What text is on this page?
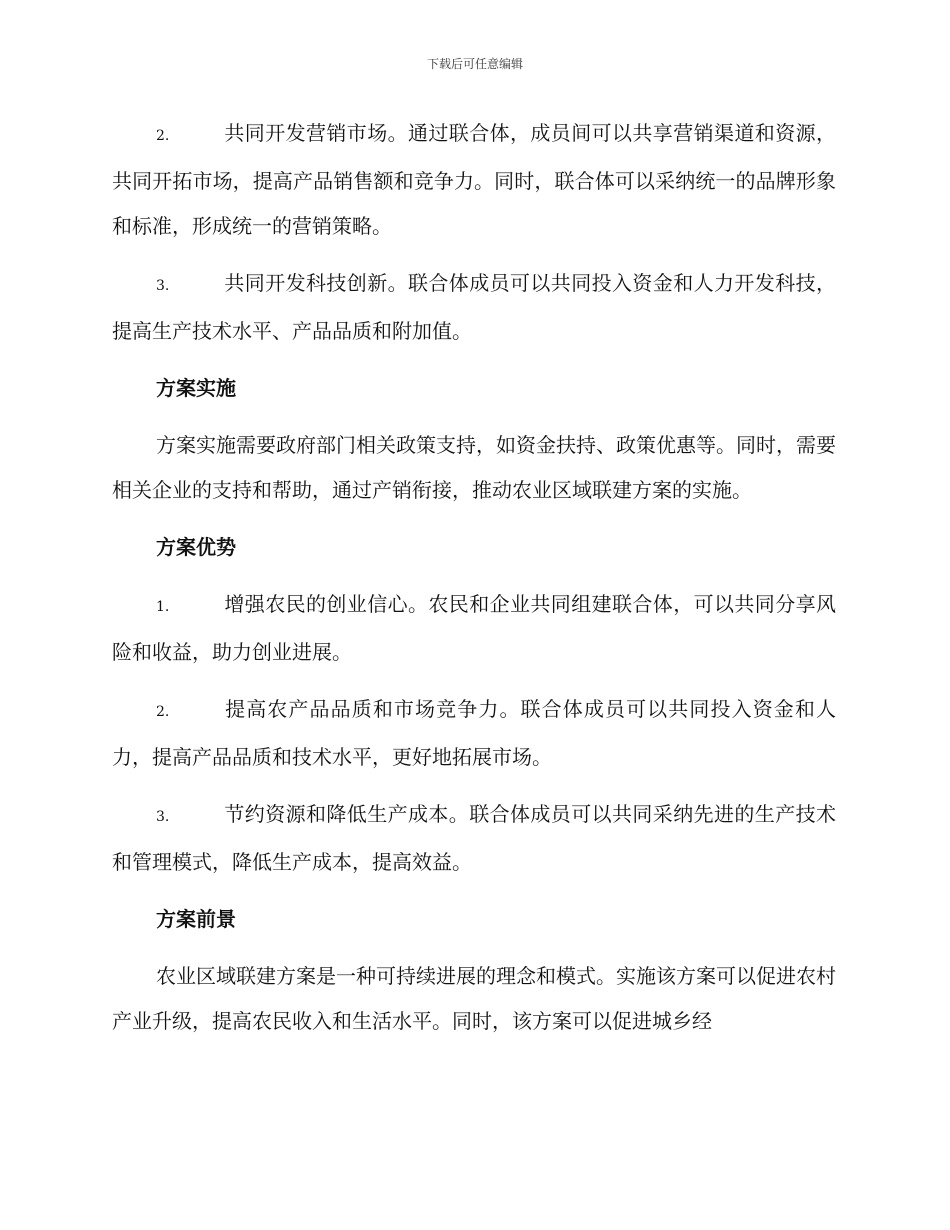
下载后可任意编辑

2.	共同开发营销市场。通过联合体，成员间可以共享营销渠道和资源，共同开拓市场，提高产品销售额和竞争力。同时，联合体可以采纳统一的品牌形象和标准，形成统一的营销策略。

3.	共同开发科技创新。联合体成员可以共同投入资金和人力开发科技，提高生产技术水平、产品品质和附加值。

方案实施

方案实施需要政府部门相关政策支持，如资金扶持、政策优惠等。同时，需要相关企业的支持和帮助，通过产销衔接，推动农业区域联建方案的实施。

方案优势

1.	增强农民的创业信心。农民和企业共同组建联合体，可以共同分享风险和收益，助力创业进展。

2.	提高农产品品质和市场竞争力。联合体成员可以共同投入资金和人力，提高产品品质和技术水平，更好地拓展市场。

3.	节约资源和降低生产成本。联合体成员可以共同采纳先进的生产技术和管理模式，降低生产成本，提高效益。

方案前景

农业区域联建方案是一种可持续进展的理念和模式。实施该方案可以促进农村产业升级，提高农民收入和生活水平。同时，该方案可以促进城乡经
